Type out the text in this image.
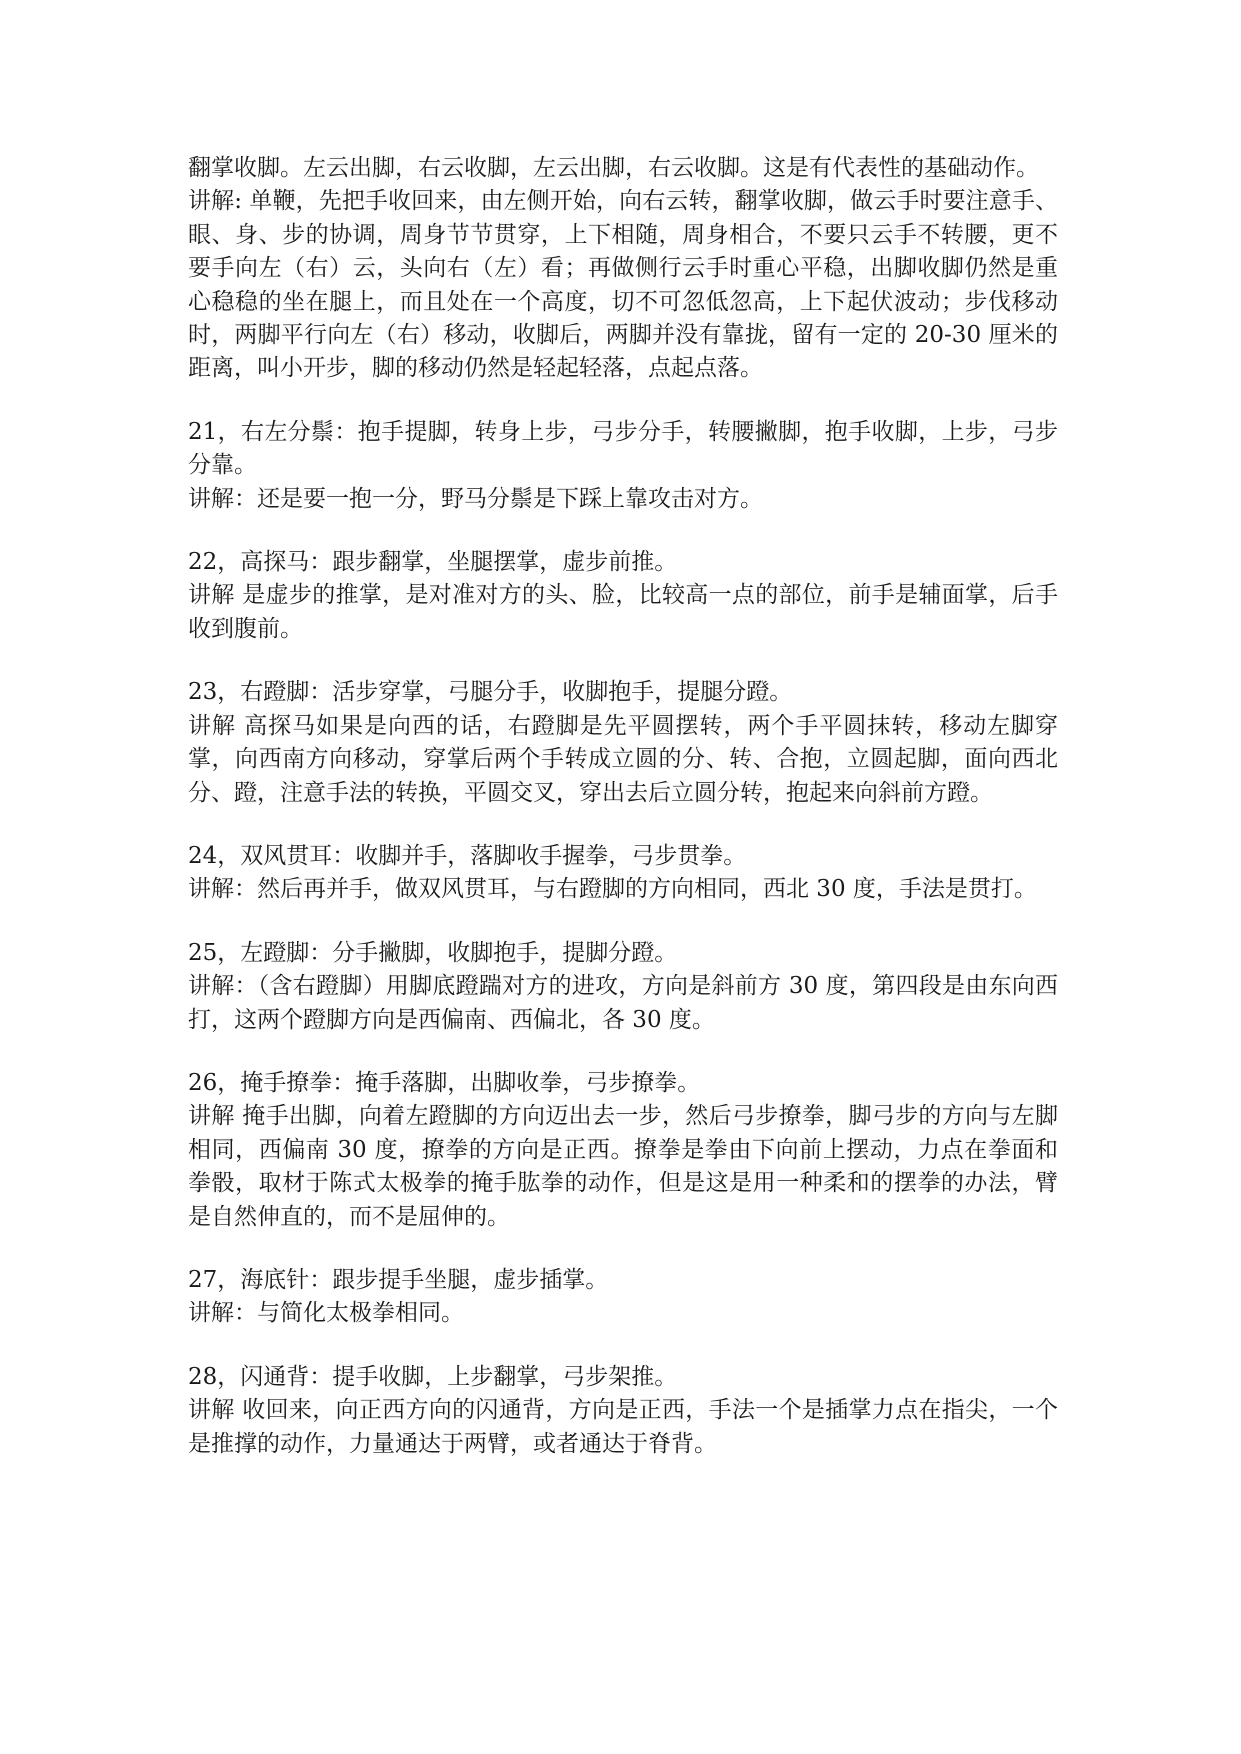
翻掌收脚。左云出脚，右云收脚，左云出脚，右云收脚。这是有代表性的基础动作。

讲解: 单鞭，先把手收回来，由左侧开始，向右云转，翻掌收脚，做云手时要注意手、眼、身、步的协调，周身节节贯穿，上下相随，周身相合，不要只云手不转腰，更不要手向左（右）云，头向右（左）看；再做侧行云手时重心平稳，出脚收脚仍然是重心稳稳的坐在腿上，而且处在一个高度，切不可忽低忽高，上下起伏波动；步伐移动时，两脚平行向左（右）移动，收脚后，两脚并没有靠拢，留有一定的 20-30 厘米的距离，叫小开步，脚的移动仍然是轻起轻落，点起点落。

21，右左分鬃：抱手提脚，转身上步，弓步分手，转腰撇脚，抱手收脚，上步，弓步分靠。

讲解：还是要一抱一分，野马分鬃是下踩上靠攻击对方。

22，高探马：跟步翻掌，坐腿摆掌，虚步前推。

讲解 是虚步的推掌，是对准对方的头、脸，比较高一点的部位，前手是辅面掌，后手收到腹前。

23，右蹬脚：活步穿掌，弓腿分手，收脚抱手，提腿分蹬。

讲解 高探马如果是向西的话，右蹬脚是先平圆摆转，两个手平圆抹转，移动左脚穿掌，向西南方向移动，穿掌后两个手转成立圆的分、转、合抱，立圆起脚，面向西北分、蹬，注意手法的转换，平圆交叉，穿出去后立圆分转，抱起来向斜前方蹬。

24，双风贯耳：收脚并手，落脚收手握拳，弓步贯拳。

讲解：然后再并手，做双风贯耳，与右蹬脚的方向相同，西北 30 度，手法是贯打。

25，左蹬脚：分手撇脚，收脚抱手，提脚分蹬。

讲解：（含右蹬脚）用脚底蹬踹对方的进攻，方向是斜前方 30 度，第四段是由东向西打，这两个蹬脚方向是西偏南、西偏北，各 30 度。

26，掩手撩拳：掩手落脚，出脚收拳，弓步撩拳。

讲解 掩手出脚，向着左蹬脚的方向迈出去一步，然后弓步撩拳，脚弓步的方向与左脚相同，西偏南 30 度，撩拳的方向是正西。撩拳是拳由下向前上摆动，力点在拳面和拳骰，取材于陈式太极拳的掩手肱拳的动作，但是这是用一种柔和的摆拳的办法，臂是自然伸直的，而不是屈伸的。

27，海底针：跟步提手坐腿，虚步插掌。

讲解：与简化太极拳相同。

28，闪通背：提手收脚，上步翻掌，弓步架推。

讲解 收回来，向正西方向的闪通背，方向是正西，手法一个是插掌力点在指尖，一个是推撑的动作，力量通达于两臂，或者通达于脊背。
